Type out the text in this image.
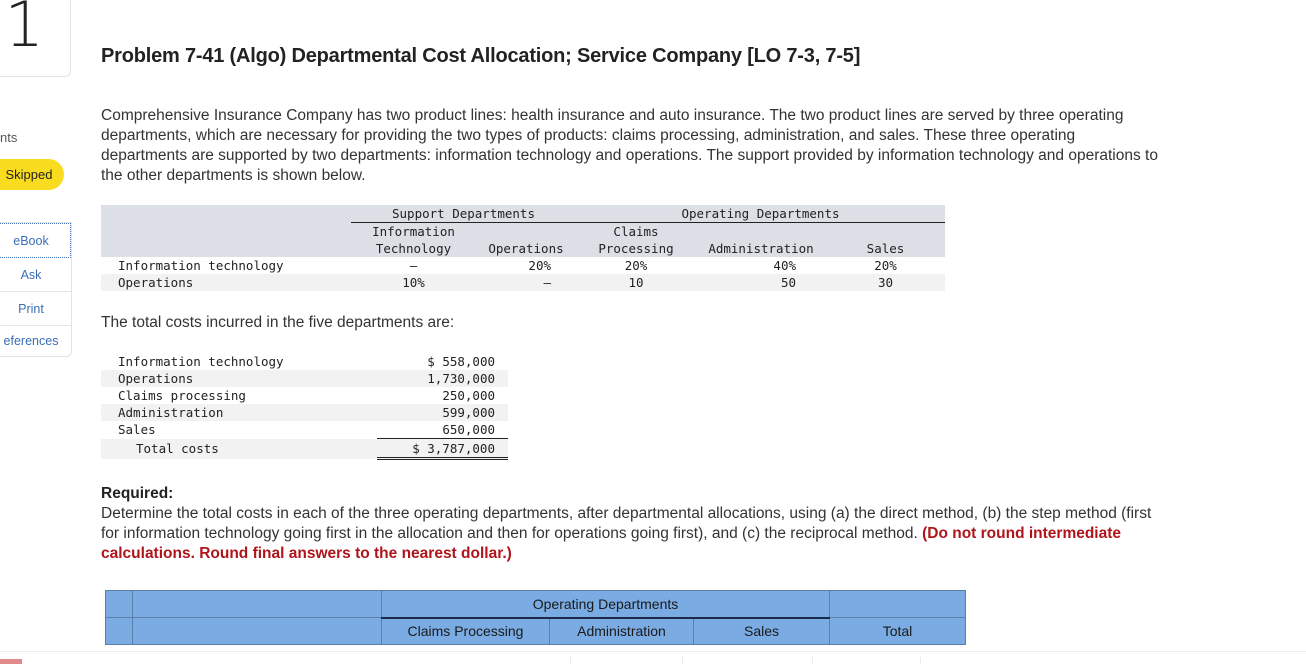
1
nts
Skipped
eBook
Ask
Print
eferences
Problem 7-41 (Algo) Departmental Cost Allocation; Service Company [LO 7-3, 7-5]
Comprehensive Insurance Company has two product lines: health insurance and auto insurance. The two product lines are served by three operating departments, which are necessary for providing the two types of products: claims processing, administration, and sales. These three operating departments are supported by two departments: information technology and operations. The support provided by information technology and operations to the other departments is shown below.
	Support Departments		Operating Departments		
	Information		Claims		
	Technology	Operations	Processing	Administration	Sales
Information technology	—	20%	20%	40%	20%
Operations	10%	—	10	50	30
The total costs incurred in the five departments are:
Information technology	$ 558,000
Operations	1,730,000
Claims processing	250,000
Administration	599,000
Sales	650,000
Total costs	$ 3,787,000
Required:
Determine the total costs in each of the three operating departments, after departmental allocations, using (a) the direct method, (b) the step method (first for information technology going first in the allocation and then for operations going first), and (c) the reciprocal method. (Do not round intermediate calculations. Round final answers to the nearest dollar.)
		Operating Departments			
		Claims Processing	Administration	Sales	Total
